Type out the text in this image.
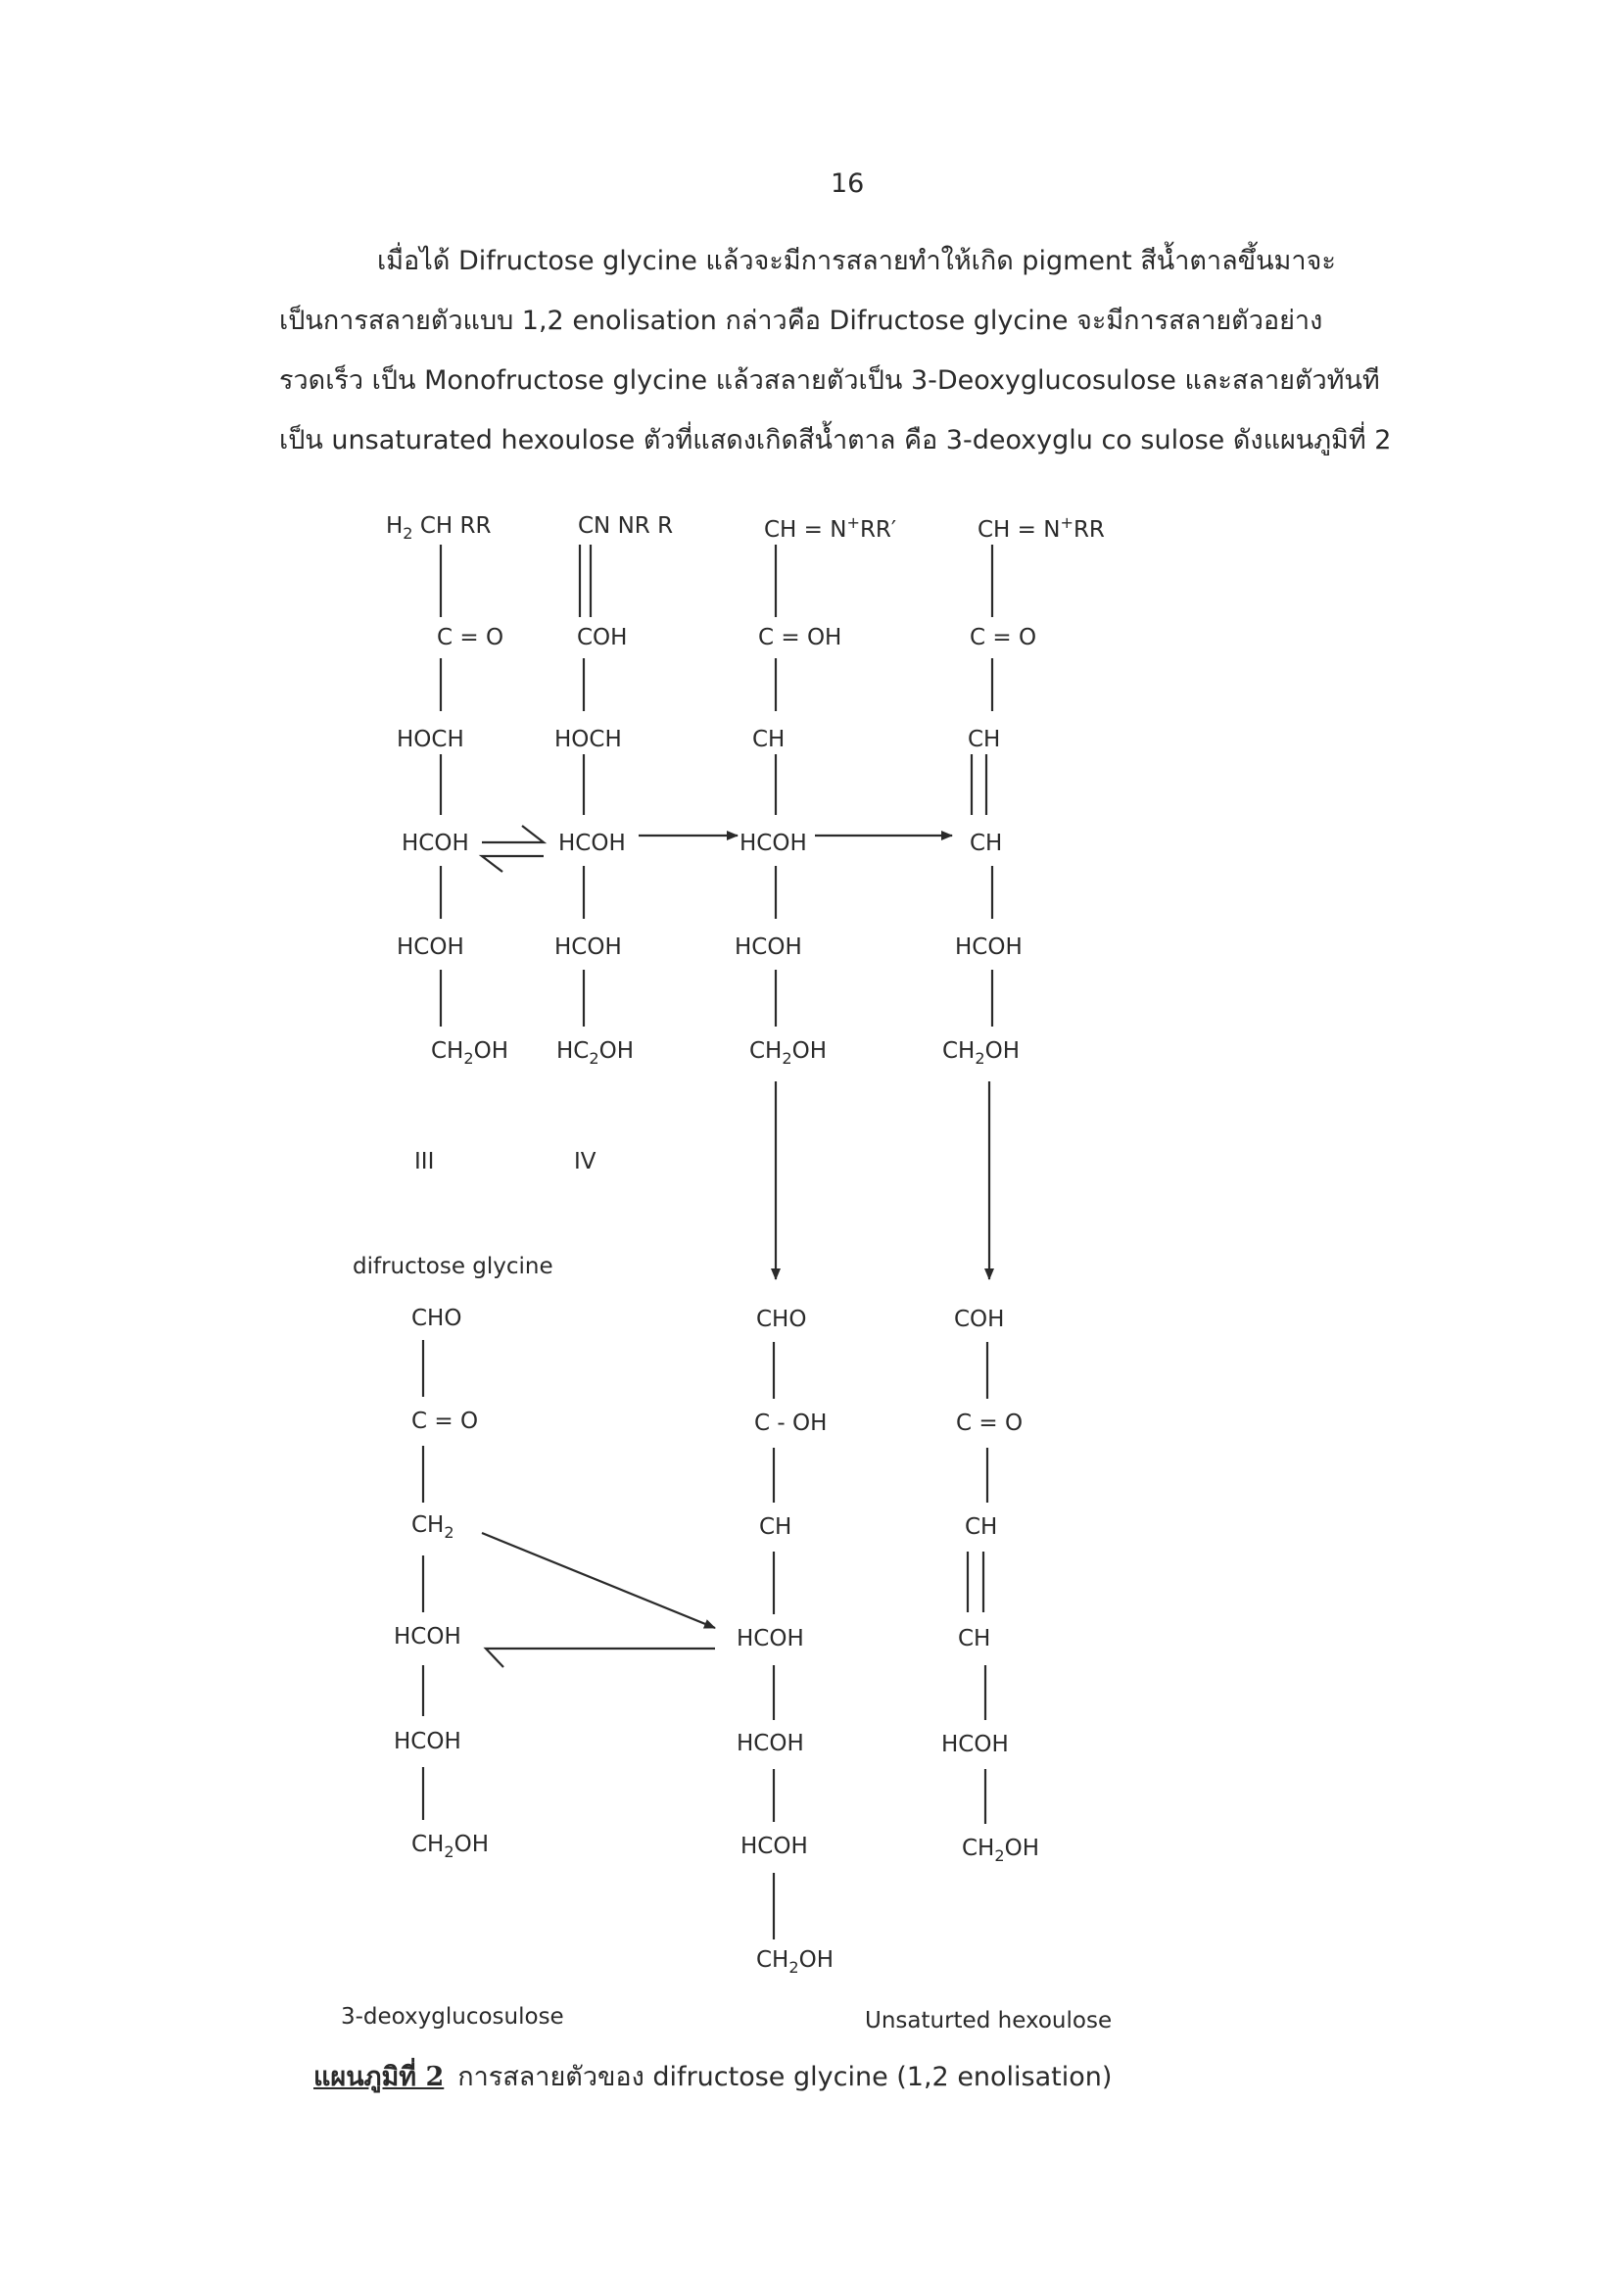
16
เมื่อได้ Difructose glycine แล้วจะมีการสลายทำให้เกิด pigment สีน้ำตาลขึ้นมาจะ
เป็นการสลายตัวแบบ 1,2 enolisation กล่าวคือ Difructose glycine จะมีการสลายตัวอย่าง
รวดเร็ว เป็น Monofructose glycine แล้วสลายตัวเป็น 3-Deoxyglucosulose และสลายตัวทันที
เป็น unsaturated hexoulose ตัวที่แสดงเกิดสีน้ำตาล คือ 3-deoxyglu co sulose ดังแผนภูมิที่ 2
$H_2$ CH RR	CN NR R	CH = N+RR′	CH = N+RR
C = O
HOCH
HCOH
HCOH
$CH_2OH$
III
COH
HOCH
HCOH
HCOH
$HC_2OH$
IV
C = OH
CH
HCOH
HCOH
$CH_2OH$
C = O
CH
CH
HCOH
$CH_2OH$
difructose glycine
CHO
C = O
$CH_2$
HCOH
HCOH
$CH_2OH$
CHO
C - OH
CH
HCOH
HCOH
HCOH
$CH_2OH$
COH
C = O
CH
CH
HCOH
$CH_2OH$
3-deoxyglucosulose	Unsaturted hexoulose
แผนภูมิที่ 2 การสลายตัวของ difructose glycine (1,2 enolisation)
